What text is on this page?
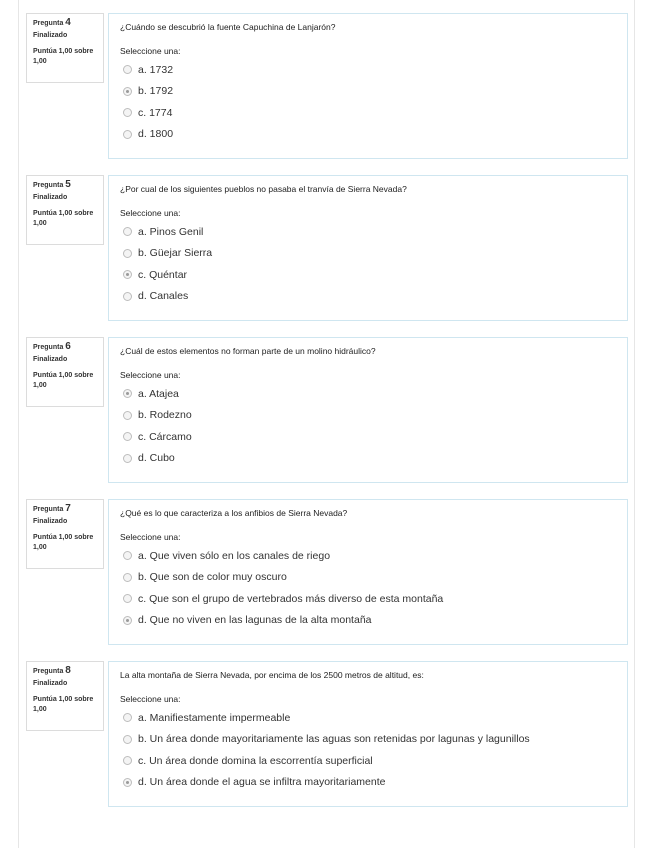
Pregunta 4
Finalizado
Puntúa 1,00 sobre 1,00
¿Cuándo se descubrió la fuente Capuchina de Lanjarón?
Seleccione una:
a. 1732
b. 1792
c. 1774
d. 1800
Pregunta 5
Finalizado
Puntúa 1,00 sobre 1,00
¿Por cual de los siguientes pueblos no pasaba el tranvía de Sierra Nevada?
Seleccione una:
a. Pinos Genil
b. Güejar Sierra
c. Quéntar
d. Canales
Pregunta 6
Finalizado
Puntúa 1,00 sobre 1,00
¿Cuál de estos elementos no forman parte de un molino hidráulico?
Seleccione una:
a. Atajea
b. Rodezno
c. Cárcamo
d. Cubo
Pregunta 7
Finalizado
Puntúa 1,00 sobre 1,00
¿Qué es lo que caracteriza a los anfibios de Sierra Nevada?
Seleccione una:
a. Que viven sólo en los canales de riego
b. Que son de color muy oscuro
c. Que son el grupo de vertebrados más diverso de esta montaña
d. Que no viven en las lagunas de la alta montaña
Pregunta 8
Finalizado
Puntúa 1,00 sobre 1,00
La alta montaña de Sierra Nevada, por encima de los 2500 metros de altitud, es:
Seleccione una:
a. Manifiestamente impermeable
b. Un área donde mayoritariamente las aguas son retenidas por lagunas y lagunillos
c. Un área donde domina la escorrentía superficial
d. Un área donde el agua se infiltra mayoritariamente
